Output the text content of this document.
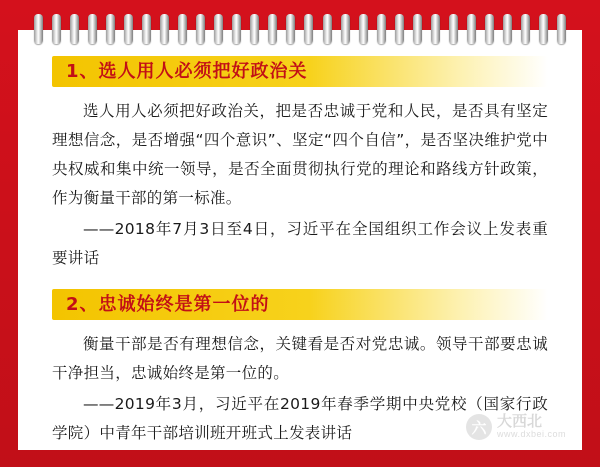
1、选人用人必须把好政治关

选人用人必须把好政治关，把是否忠诚于党和人民，是否具有坚定理想信念，是否增强“四个意识”、坚定“四个自信”，是否坚决维护党中央权威和集中统一领导，是否全面贯彻执行党的理论和路线方针政策，作为衡量干部的第一标准。

——2018年7月3日至4日，习近平在全国组织工作会议上发表重要讲话

2、忠诚始终是第一位的

衡量干部是否有理想信念，关键看是否对党忠诚。领导干部要忠诚干净担当，忠诚始终是第一位的。

——2019年3月，习近平在2019年春季学期中央党校（国家行政学院）中青年干部培训班开班式上发表讲话	六 大西北
www.dxbei.com
